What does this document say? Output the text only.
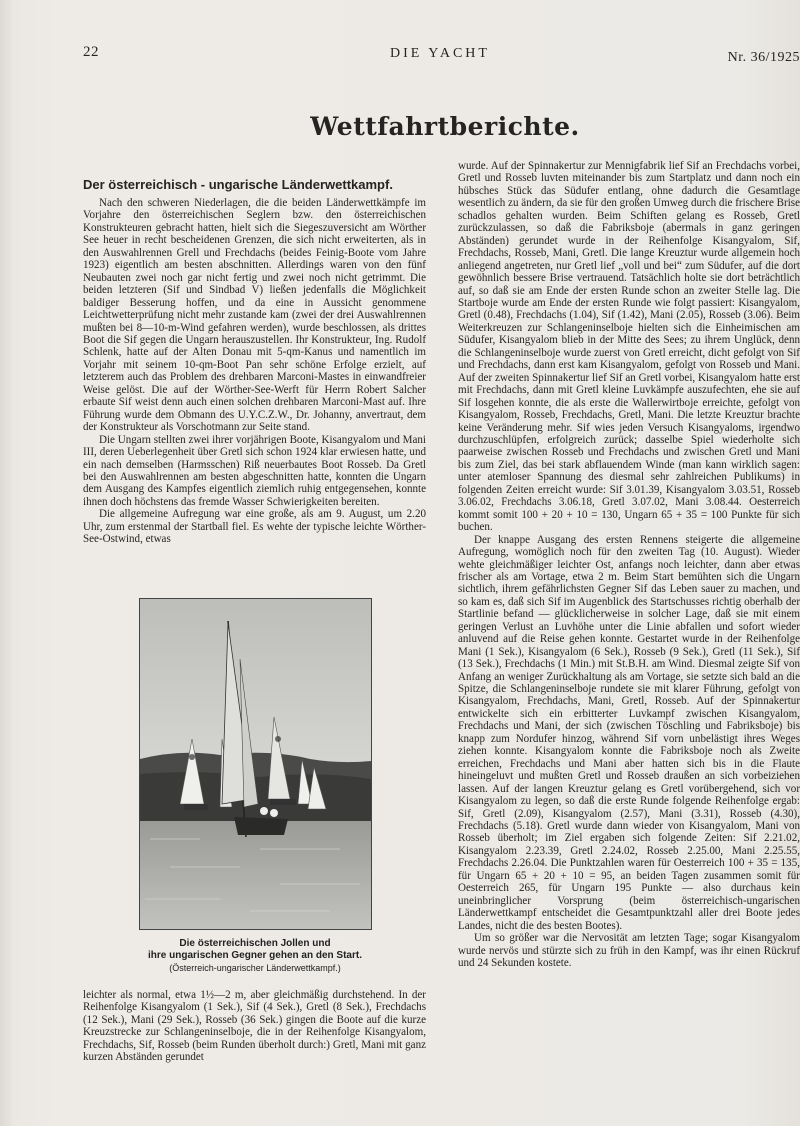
22	DIE YACHT	Nr. 36/1925
Wettfahrtberichte.
Der österreichisch - ungarische Länderwettkampf.

Nach den schweren Niederlagen, die die beiden Länderwettkämpfe im Vorjahre den österreichischen Seglern bzw. den österreichischen Konstrukteuren gebracht hatten, hielt sich die Siegeszuversicht am Wörther See heuer in recht bescheidenen Grenzen, die sich nicht erweiterten, als in den Auswahlrennen Grell und Frechdachs (beides Feinig-Boote vom Jahre 1923) eigentlich am besten abschnitten. Allerdings waren von den fünf Neubauten zwei noch gar nicht fertig und zwei noch nicht getrimmt. Die beiden letzteren (Sif und Sindbad V) ließen jedenfalls die Möglichkeit baldiger Besserung hoffen, und da eine in Aussicht genommene Leichtwetterprüfung nicht mehr zustande kam (zwei der drei Auswahlrennen mußten bei 8—10-m-Wind gefahren werden), wurde beschlossen, als drittes Boot die Sif gegen die Ungarn herauszustellen. Ihr Konstrukteur, Ing. Rudolf Schlenk, hatte auf der Alten Donau mit 5-qm-Kanus und namentlich im Vorjahr mit seinem 10-qm-Boot Pan sehr schöne Erfolge erzielt, auf letzterem auch das Problem des drehbaren Marconi-Mastes in einwandfreier Weise gelöst. Die auf der Wörther-See-Werft für Herrn Robert Salcher erbaute Sif weist denn auch einen solchen drehbaren Marconi-Mast auf. Ihre Führung wurde dem Obmann des U.Y.C.Z.W., Dr. Johanny, anvertraut, dem der Konstrukteur als Vorschotmann zur Seite stand.

Die Ungarn stellten zwei ihrer vorjährigen Boote, Kisangyalom und Mani III, deren Ueberlegenheit über Gretl sich schon 1924 klar erwiesen hatte, und ein nach demselben (Harmsschen) Riß neuerbautes Boot Rosseb. Da Gretl bei den Auswahlrennen am besten abgeschnitten hatte, konnten die Ungarn dem Ausgang des Kampfes eigentlich ziemlich ruhig entgegensehen, konnte ihnen doch höchstens das fremde Wasser Schwierigkeiten bereiten.

Die allgemeine Aufregung war eine große, als am 9. August, um 2.20 Uhr, zum erstenmal der Startball fiel. Es wehte der typische leichte Wörther-See-Ostwind, etwas

Die österreichischen Jollen und
ihre ungarischen Gegner gehen an den Start.
(Österreich-ungarischer Länderwettkampf.)

leichter als normal, etwa 1½—2 m, aber gleichmäßig durchstehend. In der Reihenfolge Kisangyalom (1 Sek.), Sif (4 Sek.), Gretl (8 Sek.), Frechdachs (12 Sek.), Mani (29 Sek.), Rosseb (36 Sek.) gingen die Boote auf die kurze Kreuzstrecke zur Schlangeninselboje, die in der Reihenfolge Kisangyalom, Frechdachs, Sif, Rosseb (beim Runden überholt durch:) Gretl, Mani mit ganz kurzen Abständen gerundet

wurde. Auf der Spinnakertur zur Mennigfabrik lief Sif an Frechdachs vorbei, Gretl und Rosseb luvten miteinander bis zum Startplatz und dann noch ein hübsches Stück das Südufer entlang, ohne dadurch die Gesamtlage wesentlich zu ändern, da sie für den großen Umweg durch die frischere Brise schadlos gehalten wurden. Beim Schiften gelang es Rosseb, Gretl zurückzulassen, so daß die Fabriksboje (abermals in ganz geringen Abständen) gerundet wurde in der Reihenfolge Kisangyalom, Sif, Frechdachs, Rosseb, Mani, Gretl. Die lange Kreuztur wurde allgemein hoch anliegend angetreten, nur Gretl lief „voll und bei“ zum Südufer, auf die dort gewöhnlich bessere Brise vertrauend. Tatsächlich holte sie dort beträchtlich auf, so daß sie am Ende der ersten Runde schon an zweiter Stelle lag. Die Startboje wurde am Ende der ersten Runde wie folgt passiert: Kisangyalom, Gretl (0.48), Frechdachs (1.04), Sif (1.42), Mani (2.05), Rosseb (3.06). Beim Weiterkreuzen zur Schlangeninselboje hielten sich die Einheimischen am Südufer, Kisangyalom blieb in der Mitte des Sees; zu ihrem Unglück, denn die Schlangeninselboje wurde zuerst von Gretl erreicht, dicht gefolgt von Sif und Frechdachs, dann erst kam Kisangyalom, gefolgt von Rosseb und Mani. Auf der zweiten Spinnakertur lief Sif an Gretl vorbei, Kisangyalom hatte erst mit Frechdachs, dann mit Gretl kleine Luvkämpfe auszufechten, ehe sie auf Sif losgehen konnte, die als erste die Wallerwirtboje erreichte, gefolgt von Kisangyalom, Rosseb, Frechdachs, Gretl, Mani. Die letzte Kreuztur brachte keine Veränderung mehr. Sif wies jeden Versuch Kisangyaloms, irgendwo durchzuschlüpfen, erfolgreich zurück; dasselbe Spiel wiederholte sich paarweise zwischen Rosseb und Frechdachs und zwischen Gretl und Mani bis zum Ziel, das bei stark abflauendem Winde (man kann wirklich sagen: unter atemloser Spannung des diesmal sehr zahlreichen Publikums) in folgenden Zeiten erreicht wurde: Sif 3.01.39, Kisangyalom 3.03.51, Rosseb 3.06.02, Frechdachs 3.06.18, Gretl 3.07.02, Mani 3.08.44. Oesterreich kommt somit 100 + 20 + 10 = 130, Ungarn 65 + 35 = 100 Punkte für sich buchen.

Der knappe Ausgang des ersten Rennens steigerte die allgemeine Aufregung, womöglich noch für den zweiten Tag (10. August). Wieder wehte gleichmäßiger leichter Ost, anfangs noch leichter, dann aber etwas frischer als am Vortage, etwa 2 m. Beim Start bemühten sich die Ungarn sichtlich, ihrem gefährlichsten Gegner Sif das Leben sauer zu machen, und so kam es, daß sich Sif im Augenblick des Startschusses richtig oberhalb der Startlinie befand — glücklicherweise in solcher Lage, daß sie mit einem geringen Verlust an Luvhöhe unter die Linie abfallen und sofort wieder anluvend auf die Reise gehen konnte. Gestartet wurde in der Reihenfolge Mani (1 Sek.), Kisangyalom (6 Sek.), Rosseb (9 Sek.), Gretl (11 Sek.), Sif (13 Sek.), Frechdachs (1 Min.) mit St.B.H. am Wind. Diesmal zeigte Sif von Anfang an weniger Zurückhaltung als am Vortage, sie setzte sich bald an die Spitze, die Schlangeninselboje rundete sie mit klarer Führung, gefolgt von Kisangyalom, Frechdachs, Mani, Gretl, Rosseb. Auf der Spinnakertur entwickelte sich ein erbitterter Luvkampf zwischen Kisangyalom, Frechdachs und Mani, der sich (zwischen Töschling und Fabriksboje) bis knapp zum Nordufer hinzog, während Sif vorn unbelästigt ihres Weges ziehen konnte. Kisangyalom konnte die Fabriksboje noch als Zweite erreichen, Frechdachs und Mani aber hatten sich bis in die Flaute hineingeluvt und mußten Gretl und Rosseb draußen an sich vorbeiziehen lassen. Auf der langen Kreuztur gelang es Gretl vorübergehend, sich vor Kisangyalom zu legen, so daß die erste Runde folgende Reihenfolge ergab: Sif, Gretl (2.09), Kisangyalom (2.57), Mani (3.31), Rosseb (4.30), Frechdachs (5.18). Gretl wurde dann wieder von Kisangyalom, Mani von Rosseb überholt; im Ziel ergaben sich folgende Zeiten: Sif 2.21.02, Kisangyalom 2.23.39, Gretl 2.24.02, Rosseb 2.25.00, Mani 2.25.55, Frechdachs 2.26.04. Die Punktzahlen waren für Oesterreich 100 + 35 = 135, für Ungarn 65 + 20 + 10 = 95, an beiden Tagen zusammen somit für Oesterreich 265, für Ungarn 195 Punkte — also durchaus kein uneinbringlicher Vorsprung (beim österreichisch-ungarischen Länderwettkampf entscheidet die Gesamtpunktzahl aller drei Boote jedes Landes, nicht die des besten Bootes).

Um so größer war die Nervosität am letzten Tage; sogar Kisangyalom wurde nervös und stürzte sich zu früh in den Kampf, was ihr einen Rückruf und 24 Sekunden kostete.
